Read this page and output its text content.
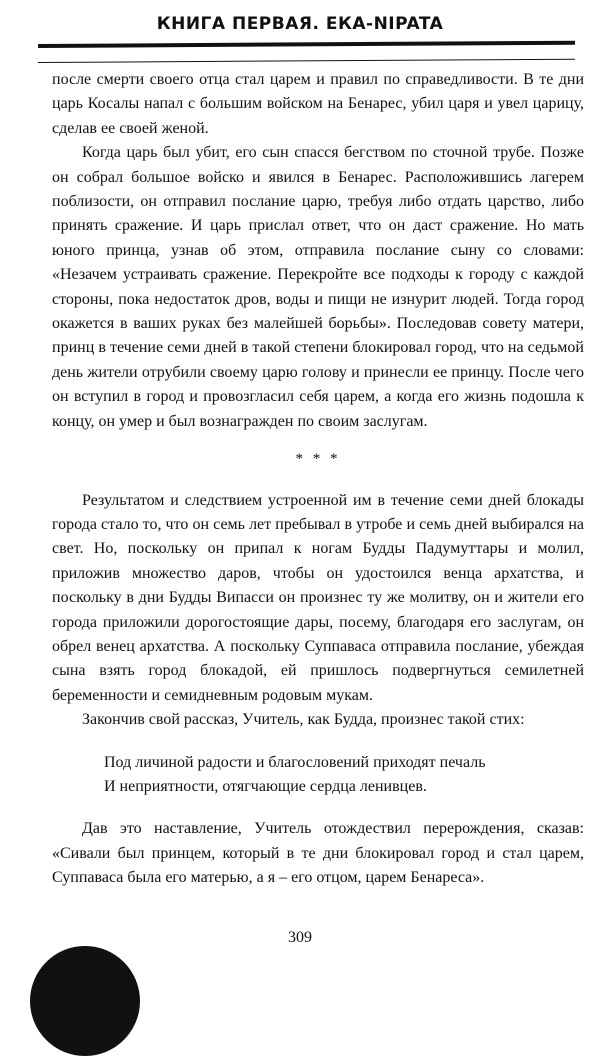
КНИГА ПЕРВАЯ. ЕКА-NIPATA

после смерти своего отца стал царем и правил по справедливости. В те дни царь Косалы напал с большим войском на Бенарес, убил царя и увел царицу, сделав ее своей женой.

Когда царь был убит, его сын спасся бегством по сточной трубе. Позже он собрал большое войско и явился в Бенарес. Расположившись лагерем поблизости, он отправил послание царю, требуя либо отдать царство, либо принять сражение. И царь прислал ответ, что он даст сражение. Но мать юного принца, узнав об этом, отправила послание сыну со словами: «Незачем устраивать сражение. Перекройте все подходы к городу с каждой стороны, пока недостаток дров, воды и пищи не изнурит людей. Тогда город окажется в ваших руках без малейшей борьбы». Последовав совету матери, принц в течение семи дней в такой степени блокировал город, что на седьмой день жители отрубили своему царю голову и принесли ее принцу. После чего он вступил в город и провозгласил себя царем, а когда его жизнь подошла к концу, он умер и был вознагражден по своим заслугам.

* * *

Результатом и следствием устроенной им в течение семи дней блокады города стало то, что он семь лет пребывал в утробе и семь дней выбирался на свет. Но, поскольку он припал к ногам Будды Падумуттары и молил, приложив множество даров, чтобы он удостоился венца архатства, и поскольку в дни Будды Випасси он произнес ту же молитву, он и жители его города приложили дорогостоящие дары, посему, благодаря его заслугам, он обрел венец архатства. А поскольку Суппаваса отправила послание, убеждая сына взять город блокадой, ей пришлось подвергнуться семилетней беременности и семидневным родовым мукам.

Закончив свой рассказ, Учитель, как Будда, произнес такой стих:

Под личиной радости и благословений приходят печаль
И неприятности, отягчающие сердца ленивцев.

Дав это наставление, Учитель отождествил перерождения, сказав: «Сивали был принцем, который в те дни блокировал город и стал царем, Суппаваса была его матерью, а я – его отцом, царем Бенареса».

309
